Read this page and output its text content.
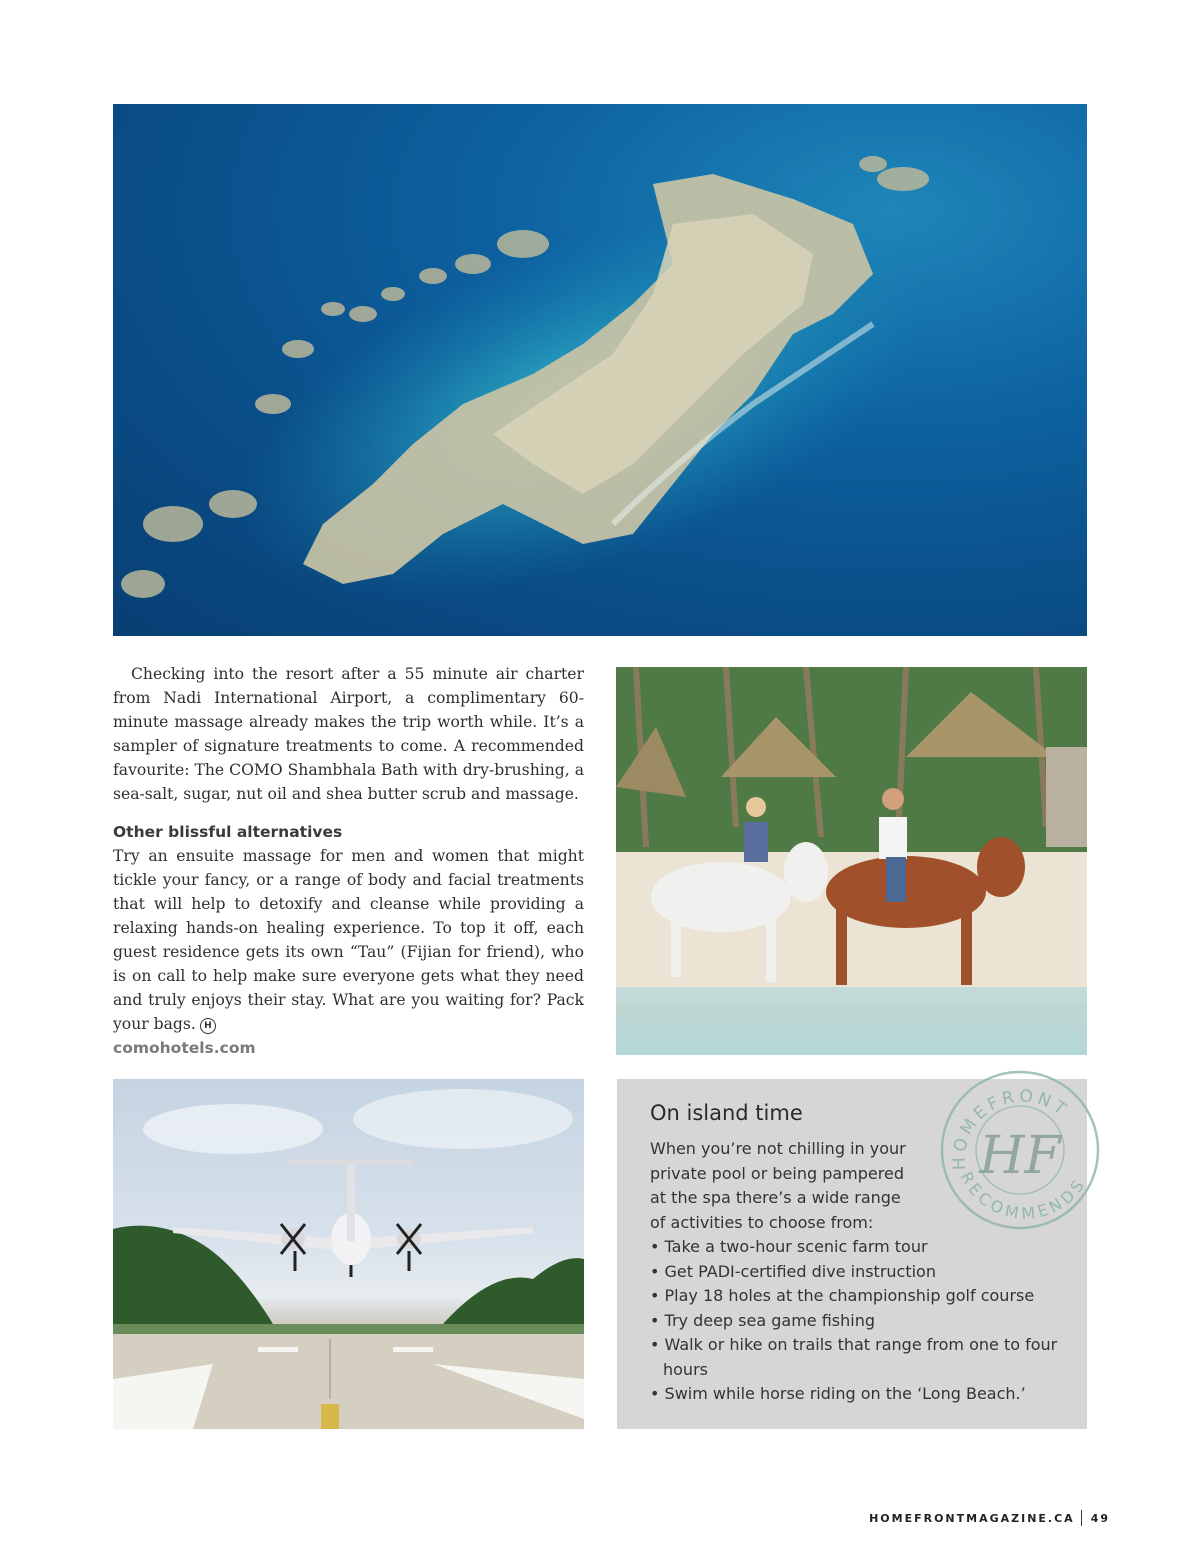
Checking into the resort after a 55 minute air charter from Nadi International Airport, a complimentary 60-minute massage already makes the trip worth while. It’s a sampler of signature treatments to come. A recommended favourite: The COMO Shambhala Bath with dry-brushing, a sea-salt, sugar, nut oil and shea butter scrub and massage.

Other blissful alternatives

Try an ensuite massage for men and women that might tickle your fancy, or a range of body and facial treatments that will help to detoxify and cleanse while providing a relaxing hands-on healing experience. To top it off, each guest residence gets its own “Tau” (Fijian for friend), who is on call to help make sure everyone gets what they need and truly enjoys their stay. What are you waiting for? Pack your bags. H

comohotels.com
On island time
When you’re not chilling in your private pool or being pampered at the spa there’s a wide range of activities to choose from:
• Take a two-hour scenic farm tour
• Get PADI-certified dive instruction
• Play 18 holes at the championship golf course
• Try deep sea game fishing
• Walk or hike on trails that range from one to four hours
• Swim while horse riding on the ‘Long Beach.’
HOMEFRONT
RECOMMENDS
HF
HOMEFRONTMAGAZINE.CA 49
